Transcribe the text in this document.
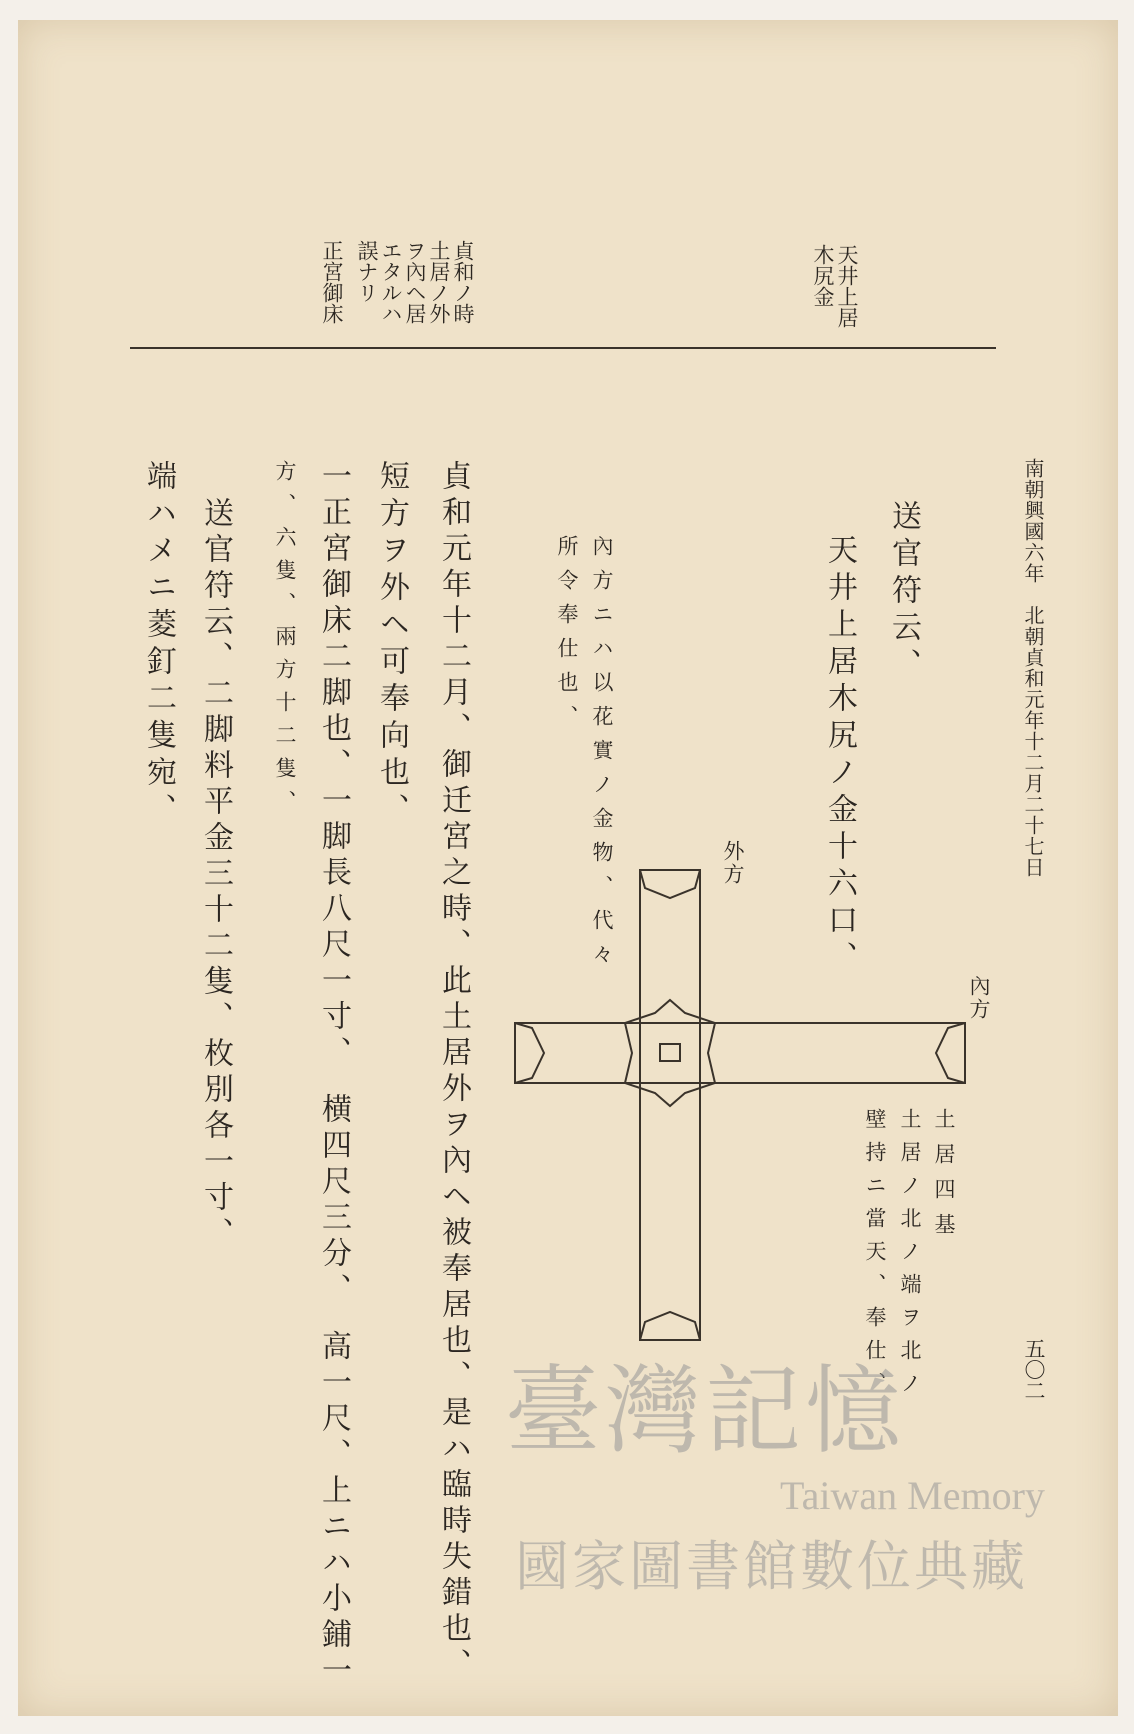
南朝興國六年　北朝貞和元年十二月二十七日
五〇二
天井上居
木尻金
貞和ノ時
土居ノ外
ヲ內ヘ居
エタルハ
誤ナリ
正宮御床
送官符云、
天井上居木尻ノ金十六口、
內方ニハ以花實ノ金物、代々
所令奉仕也、
貞和元年十二月、御迁宮之時、此土居外ヲ內ヘ被奉居也、是ハ臨時失錯也、
短方ヲ外ヘ可奉向也、
一正宮御床二脚也、一脚長八尺一寸、　横四尺三分、　高一尺、上ニハ小鋪一
方、六隻、兩方十二隻、
送官符云、二脚料平金三十二隻、枚別各一寸、
端ハメニ菱釘二隻宛、
外方
內方
土居四基
土居ノ北ノ端ヲ北ノ
壁持ニ當天、奉仕、
臺灣記憶
Taiwan Memory
國家圖書館數位典藏
